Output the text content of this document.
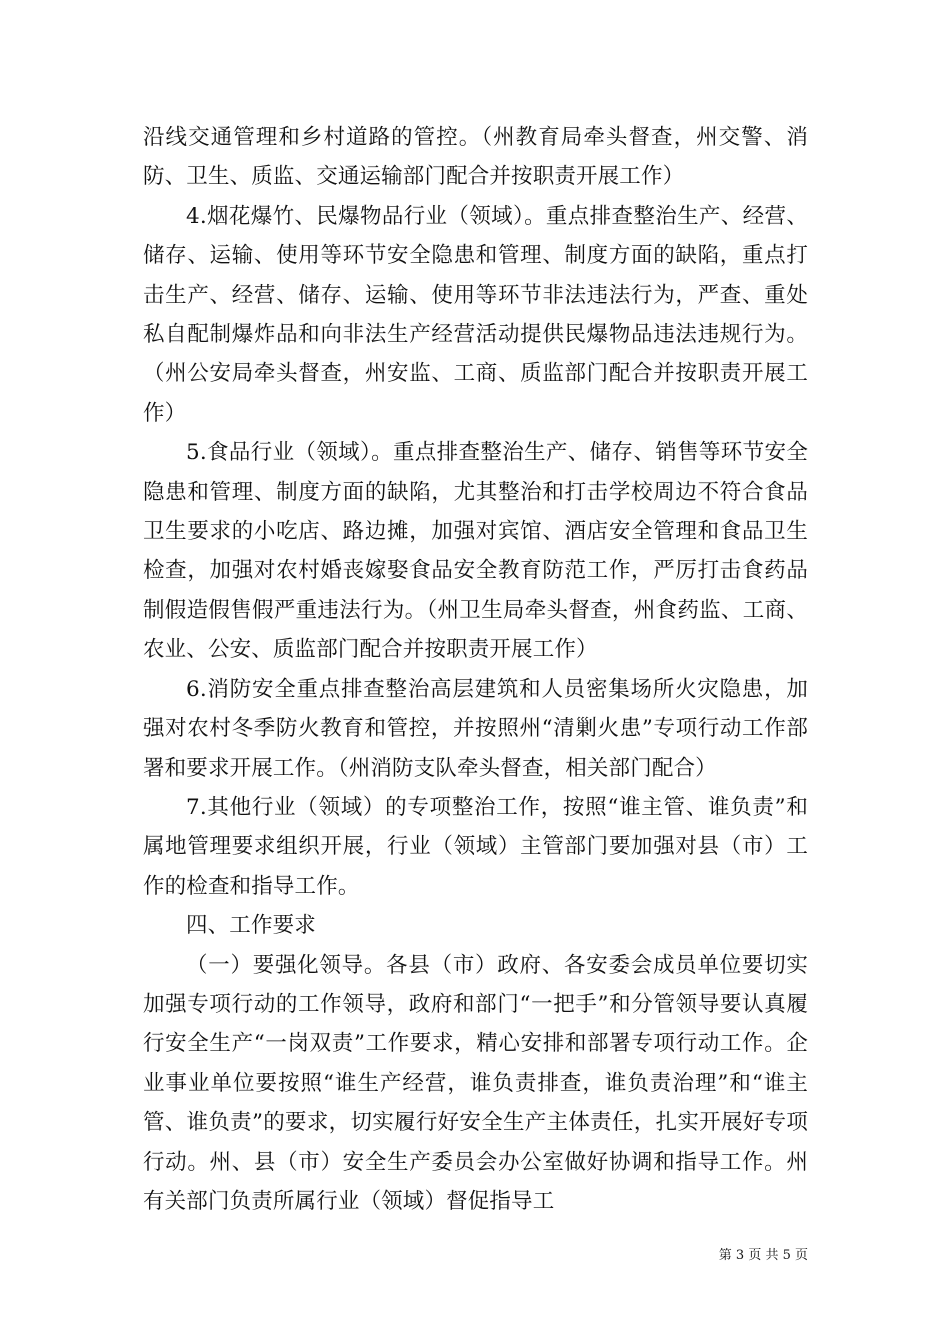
沿线交通管理和乡村道路的管控。（州教育局牵头督查，州交警、消防、卫生、质监、交通运输部门配合并按职责开展工作）

4.烟花爆竹、民爆物品行业（领域）。重点排查整治生产、经营、储存、运输、使用等环节安全隐患和管理、制度方面的缺陷，重点打击生产、经营、储存、运输、使用等环节非法违法行为，严查、重处私自配制爆炸品和向非法生产经营活动提供民爆物品违法违规行为。（州公安局牵头督查，州安监、工商、质监部门配合并按职责开展工作）

5.食品行业（领域）。重点排查整治生产、储存、销售等环节安全隐患和管理、制度方面的缺陷，尤其整治和打击学校周边不符合食品卫生要求的小吃店、路边摊，加强对宾馆、酒店安全管理和食品卫生检查，加强对农村婚丧嫁娶食品安全教育防范工作，严厉打击食药品制假造假售假严重违法行为。（州卫生局牵头督查，州食药监、工商、农业、公安、质监部门配合并按职责开展工作）

6.消防安全重点排查整治高层建筑和人员密集场所火灾隐患，加强对农村冬季防火教育和管控，并按照州“清剿火患”专项行动工作部署和要求开展工作。（州消防支队牵头督查，相关部门配合）

7.其他行业（领域）的专项整治工作，按照“谁主管、谁负责”和属地管理要求组织开展，行业（领域）主管部门要加强对县（市）工作的检查和指导工作。

四、工作要求

（一）要强化领导。各县（市）政府、各安委会成员单位要切实加强专项行动的工作领导，政府和部门“一把手”和分管领导要认真履行安全生产“一岗双责”工作要求，精心安排和部署专项行动工作。企业事业单位要按照“谁生产经营，谁负责排查，谁负责治理”和“谁主管、谁负责”的要求，切实履行好安全生产主体责任，扎实开展好专项行动。州、县（市）安全生产委员会办公室做好协调和指导工作。州有关部门负责所属行业（领域）督促指导工

第 3 页 共 5 页
